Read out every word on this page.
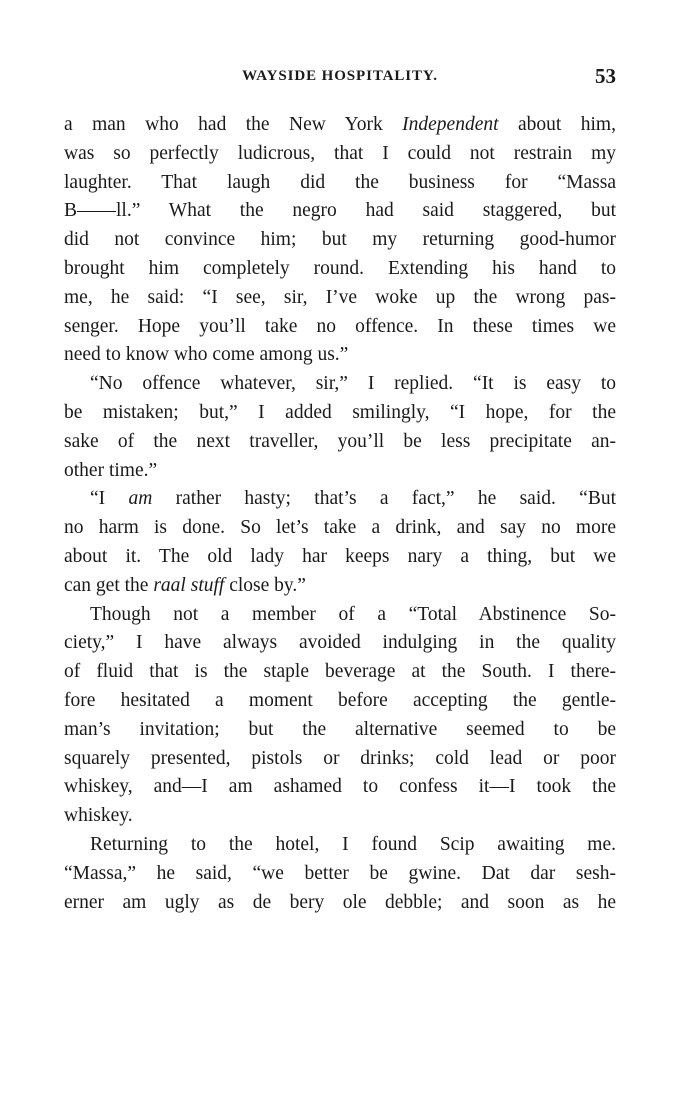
WAYSIDE HOSPITALITY.	53
a man who had the New York Independent about him,
was so perfectly ludicrous, that I could not restrain my
laughter. That laugh did the business for “Massa
B——ll.” What the negro had said staggered, but
did not convince him; but my returning good-humor
brought him completely round. Extending his hand to
me, he said: “I see, sir, I’ve woke up the wrong pas-
senger. Hope you’ll take no offence. In these times we
need to know who come among us.”
“No offence whatever, sir,” I replied. “It is easy to
be mistaken; but,” I added smilingly, “I hope, for the
sake of the next traveller, you’ll be less precipitate an-
other time.”
“I am rather hasty; that’s a fact,” he said. “But
no harm is done. So let’s take a drink, and say no more
about it. The old lady har keeps nary a thing, but we
can get the raal stuff close by.”
Though not a member of a “Total Abstinence So-
ciety,” I have always avoided indulging in the quality
of fluid that is the staple beverage at the South. I there-
fore hesitated a moment before accepting the gentle-
man’s invitation; but the alternative seemed to be
squarely presented, pistols or drinks; cold lead or poor
whiskey, and—I am ashamed to confess it—I took the
whiskey.
Returning to the hotel, I found Scip awaiting me.
“Massa,” he said, “we better be gwine. Dat dar sesh-
erner am ugly as de bery ole debble; and soon as he
